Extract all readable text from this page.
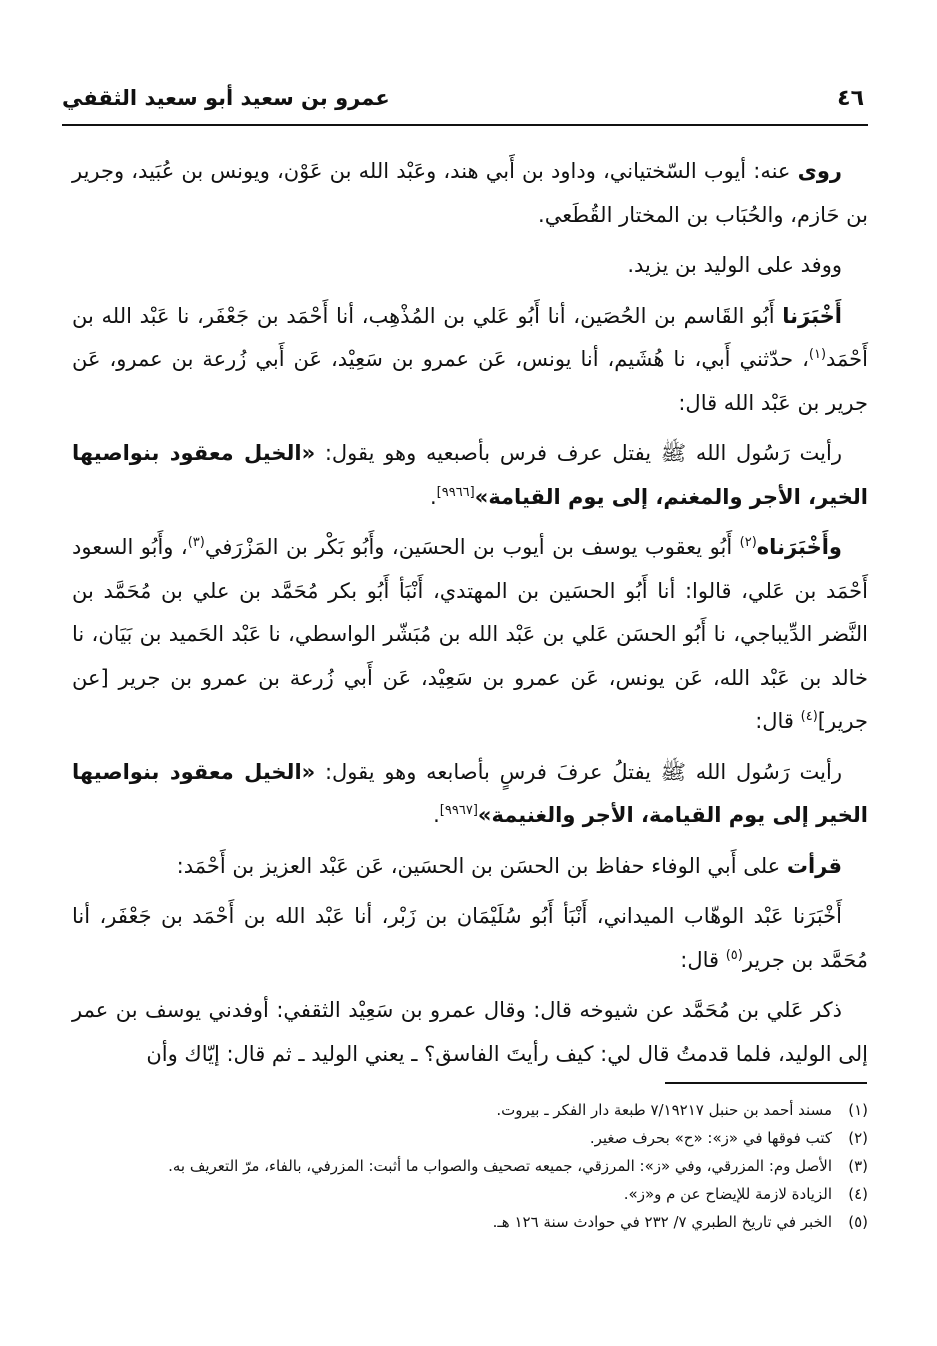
٤٦
عمرو بن سعيد أبو سعيد الثقفي

روى عنه: أيوب السّختياني، وداود بن أَبي هند، وعَبْد الله بن عَوْن، ويونس بن عُبَيد، وجرير بن حَازم، والحُبَاب بن المختار القُطَعي.

ووفد على الوليد بن يزيد.

أَخْبَرَنا أَبُو القَاسم بن الحُصَين، أنا أَبُو عَلي بن المُذْهِب، أنا أَحْمَد بن جَعْفَر، نا عَبْد الله بن أَحْمَد$^{(١)}$، حدّثني أَبي، نا هُشَيم، أنا يونس، عَن عمرو بن سَعِيْد، عَن أَبي زُرعة بن عمرو، عَن جرير بن عَبْد الله قال:

رأيت رَسُول الله ﷺ يفتل عرف فرس بأصبعيه وهو يقول: «الخيل معقود بنواصيها الخير، الأجر والمغنم، إلى يوم القيامة»[٩٩٦٦].

وأَخْبَرَناه$^{(٢)}$ أَبُو يعقوب يوسف بن أيوب بن الحسَين، وأَبُو بَكْر بن المَزْرَفي$^{(٣)}$، وأَبُو السعود أَحْمَد بن عَلي، قالوا: أنا أَبُو الحسَين بن المهتدي، أَنْبَأ أَبُو بكر مُحَمَّد بن علي بن مُحَمَّد بن النَّضر الدِّيباجي، نا أَبُو الحسَن عَلي بن عَبْد الله بن مُبَشّر الواسطي، نا عَبْد الحَميد بن بَيَان، نا خالد بن عَبْد الله، عَن يونس، عَن عمرو بن سَعِيْد، عَن أَبي زُرعة بن عمرو بن جرير [عن جرير]$^{(٤)}$ قال:

رأيت رَسُول الله ﷺ يفتلُ عرفَ فرسٍ بأصابعه وهو يقول: «الخيل معقود بنواصيها الخير إلى يوم القيامة، الأجر والغنيمة»[٩٩٦٧].

قرأت على أَبي الوفاء حفاظ بن الحسَن بن الحسَين، عَن عَبْد العزيز بن أَحْمَد:

أَخْبَرَنا عَبْد الوهّاب الميداني، أَنْبَأ أَبُو سُلَيْمَان بن زَبْر، أنا عَبْد الله بن أَحْمَد بن جَعْفَر، أنا مُحَمَّد بن جرير$^{(٥)}$ قال:

ذكر عَلي بن مُحَمَّد عن شيوخه قال: وقال عمرو بن سَعِيْد الثقفي: أوفدني يوسف بن عمر إلى الوليد، فلما قدمتُ قال لي: كيف رأيتَ الفاسق؟ ـ يعني الوليد ـ ثم قال: إيّاك وأن

(١)
مسند أحمد بن حنبل ٧/١٩٢١٧ طبعة دار الفكر ـ بيروت.
(٢)
كتب فوقها في «ز»: «ح» بحرف صغير.
(٣)
الأصل وم: المزرقي، وفي «ز»: المرزقي، جميعه تصحيف والصواب ما أثبت: المزرفي، بالفاء، مرّ التعريف به.
(٤)
الزيادة لازمة للإيضاح عن م و«ز».
(٥)
الخبر في تاريخ الطبري ٧/ ٢٣٢ في حوادث سنة ١٢٦ هـ.
